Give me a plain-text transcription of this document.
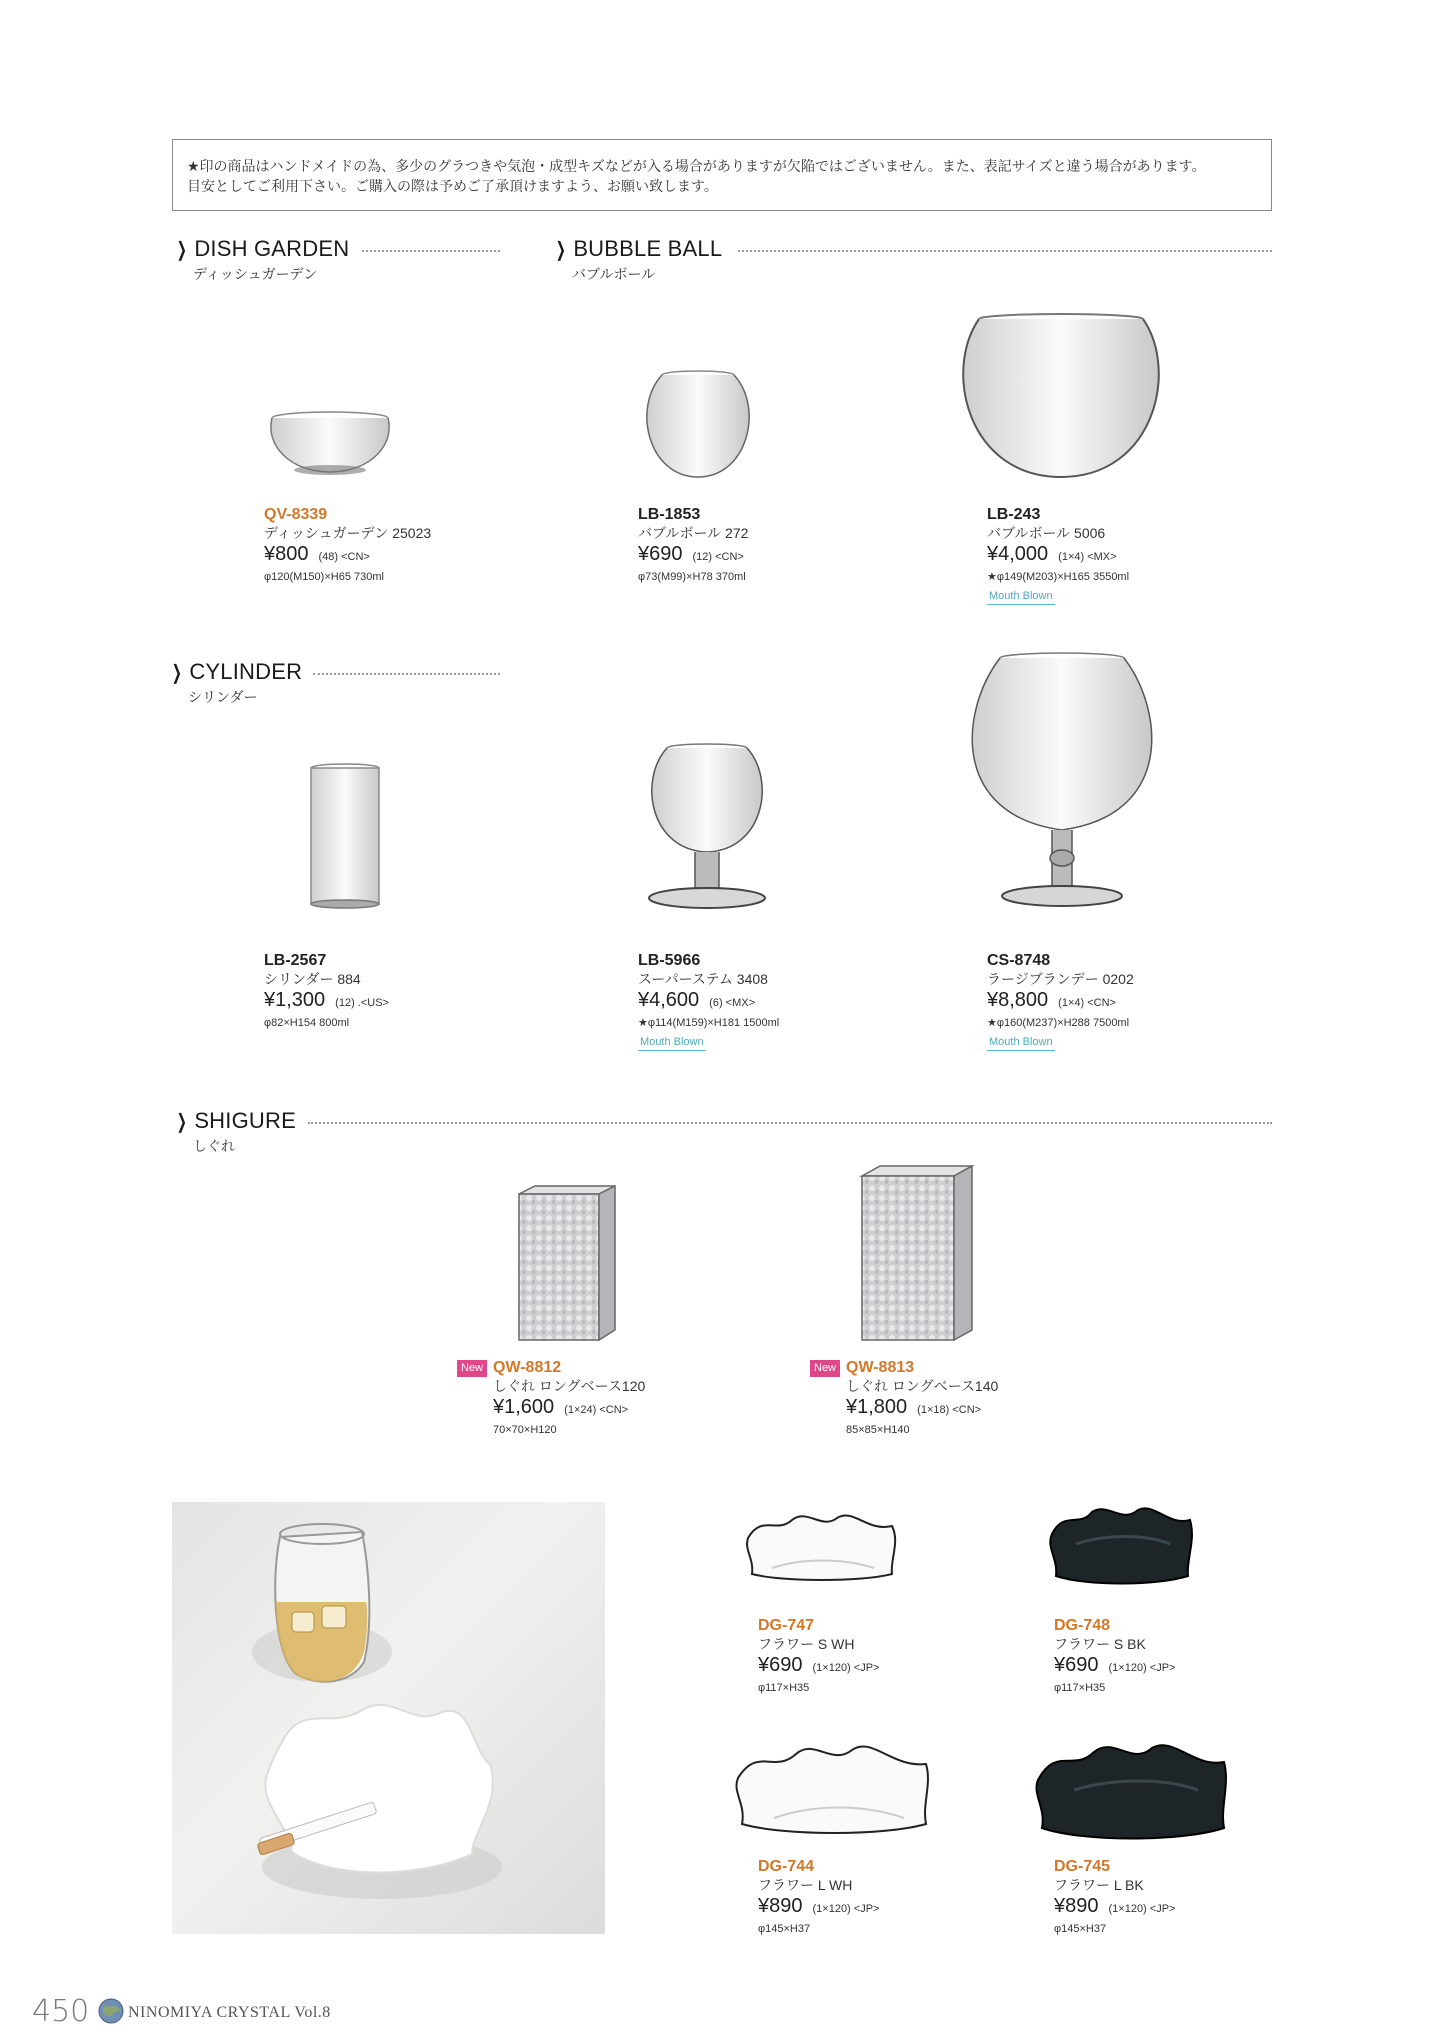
★印の商品はハンドメイドの為、多少のグラつきや気泡・成型キズなどが入る場合がありますが欠陥ではございません。また、表記サイズと違う場合があります。
目安としてご利用下さい。ご購入の際は予めご了承頂けますよう、お願い致します。
❯ DISH GARDEN
ディッシュガーデン
❯ BUBBLE BALL
バブルボール
❯ CYLINDER
シリンダー
❯ SHIGURE
しぐれ
QV-8339
ディッシュガーデン 25023
¥800 (48) <CN>
φ120(M150)×H65 730ml
LB-1853
バブルボール 272
¥690 (12) <CN>
φ73(M99)×H78 370ml
LB-243
バブルボール 5006
¥4,000 (1×4) <MX>
★φ149(M203)×H165 3550ml
Mouth Blown
LB-2567
シリンダー 884
¥1,300 (12) .<US>
φ82×H154 800ml
LB-5966
スーパーステム 3408
¥4,600 (6) <MX>
★φ114(M159)×H181 1500ml
Mouth Blown
CS-8748
ラージブランデー 0202
¥8,800 (1×4) <CN>
★φ160(M237)×H288 7500ml
Mouth Blown
New QW-8812
しぐれ ロングベース120
¥1,600 (1×24) <CN>
70×70×H120
New QW-8813
しぐれ ロングベース140
¥1,800 (1×18) <CN>
85×85×H140
DG-747
フラワー S WH
¥690 (1×120) <JP>
φ117×H35
DG-748
フラワー S BK
¥690 (1×120) <JP>
φ117×H35
DG-744
フラワー L WH
¥890 (1×120) <JP>
φ145×H37
DG-745
フラワー L BK
¥890 (1×120) <JP>
φ145×H37
450 NINOMIYA CRYSTAL Vol.8
